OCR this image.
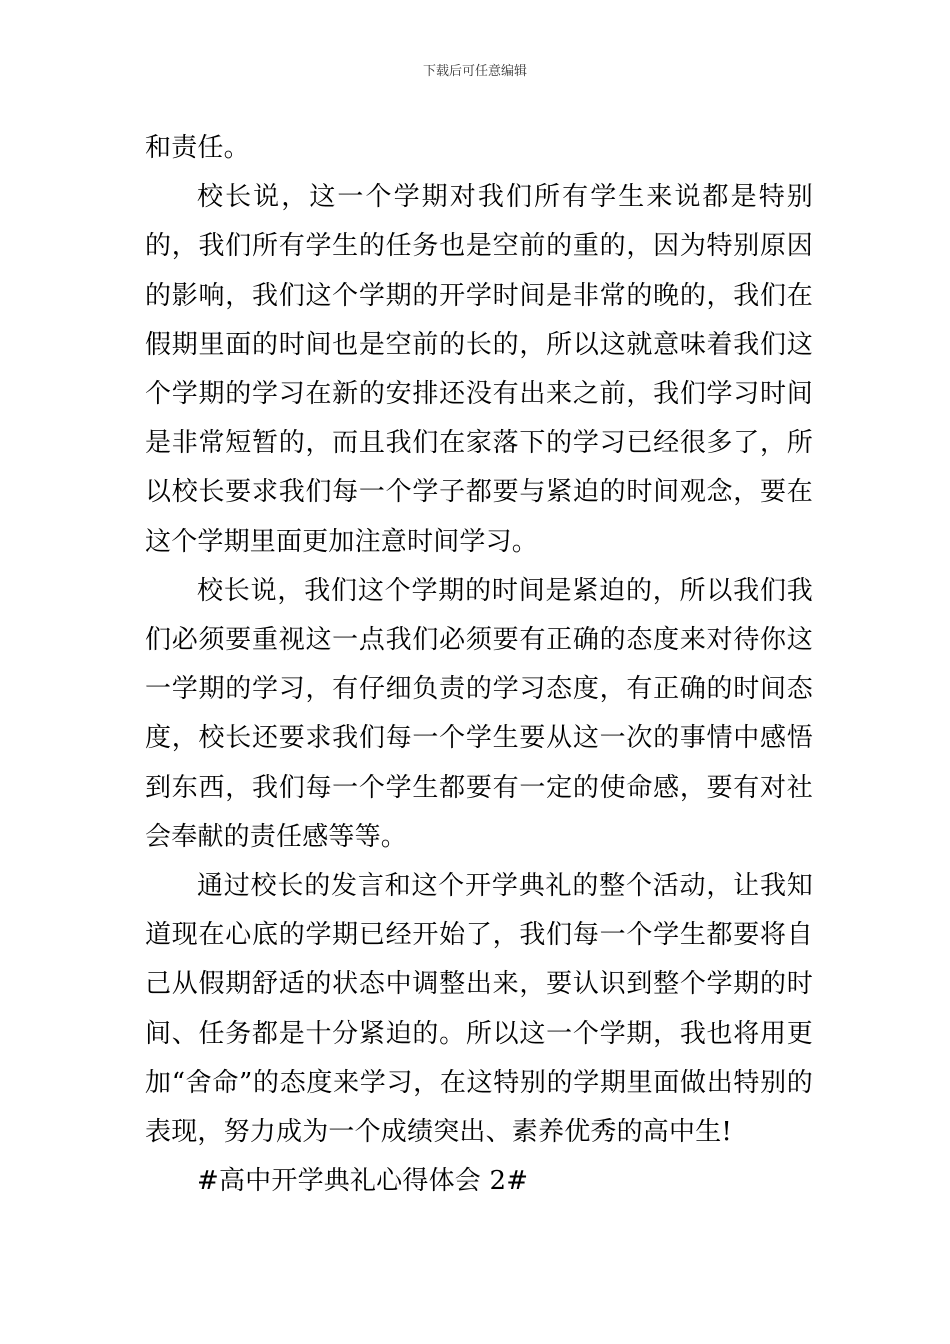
下载后可任意编辑

和责任。

校长说，这一个学期对我们所有学生来说都是特别的，我们所有学生的任务也是空前的重的，因为特别原因的影响，我们这个学期的开学时间是非常的晚的，我们在假期里面的时间也是空前的长的，所以这就意味着我们这个学期的学习在新的安排还没有出来之前，我们学习时间是非常短暂的，而且我们在家落下的学习已经很多了，所以校长要求我们每一个学子都要与紧迫的时间观念，要在这个学期里面更加注意时间学习。

校长说，我们这个学期的时间是紧迫的，所以我们我们必须要重视这一点我们必须要有正确的态度来对待你这一学期的学习，有仔细负责的学习态度，有正确的时间态度，校长还要求我们每一个学生要从这一次的事情中感悟到东西，我们每一个学生都要有一定的使命感，要有对社会奉献的责任感等等。

通过校长的发言和这个开学典礼的整个活动，让我知道现在心底的学期已经开始了，我们每一个学生都要将自己从假期舒适的状态中调整出来，要认识到整个学期的时间、任务都是十分紧迫的。所以这一个学期，我也将用更加“舍命”的态度来学习，在这特别的学期里面做出特别的表现，努力成为一个成绩突出、素养优秀的高中生!

#高中开学典礼心得体会 2#
